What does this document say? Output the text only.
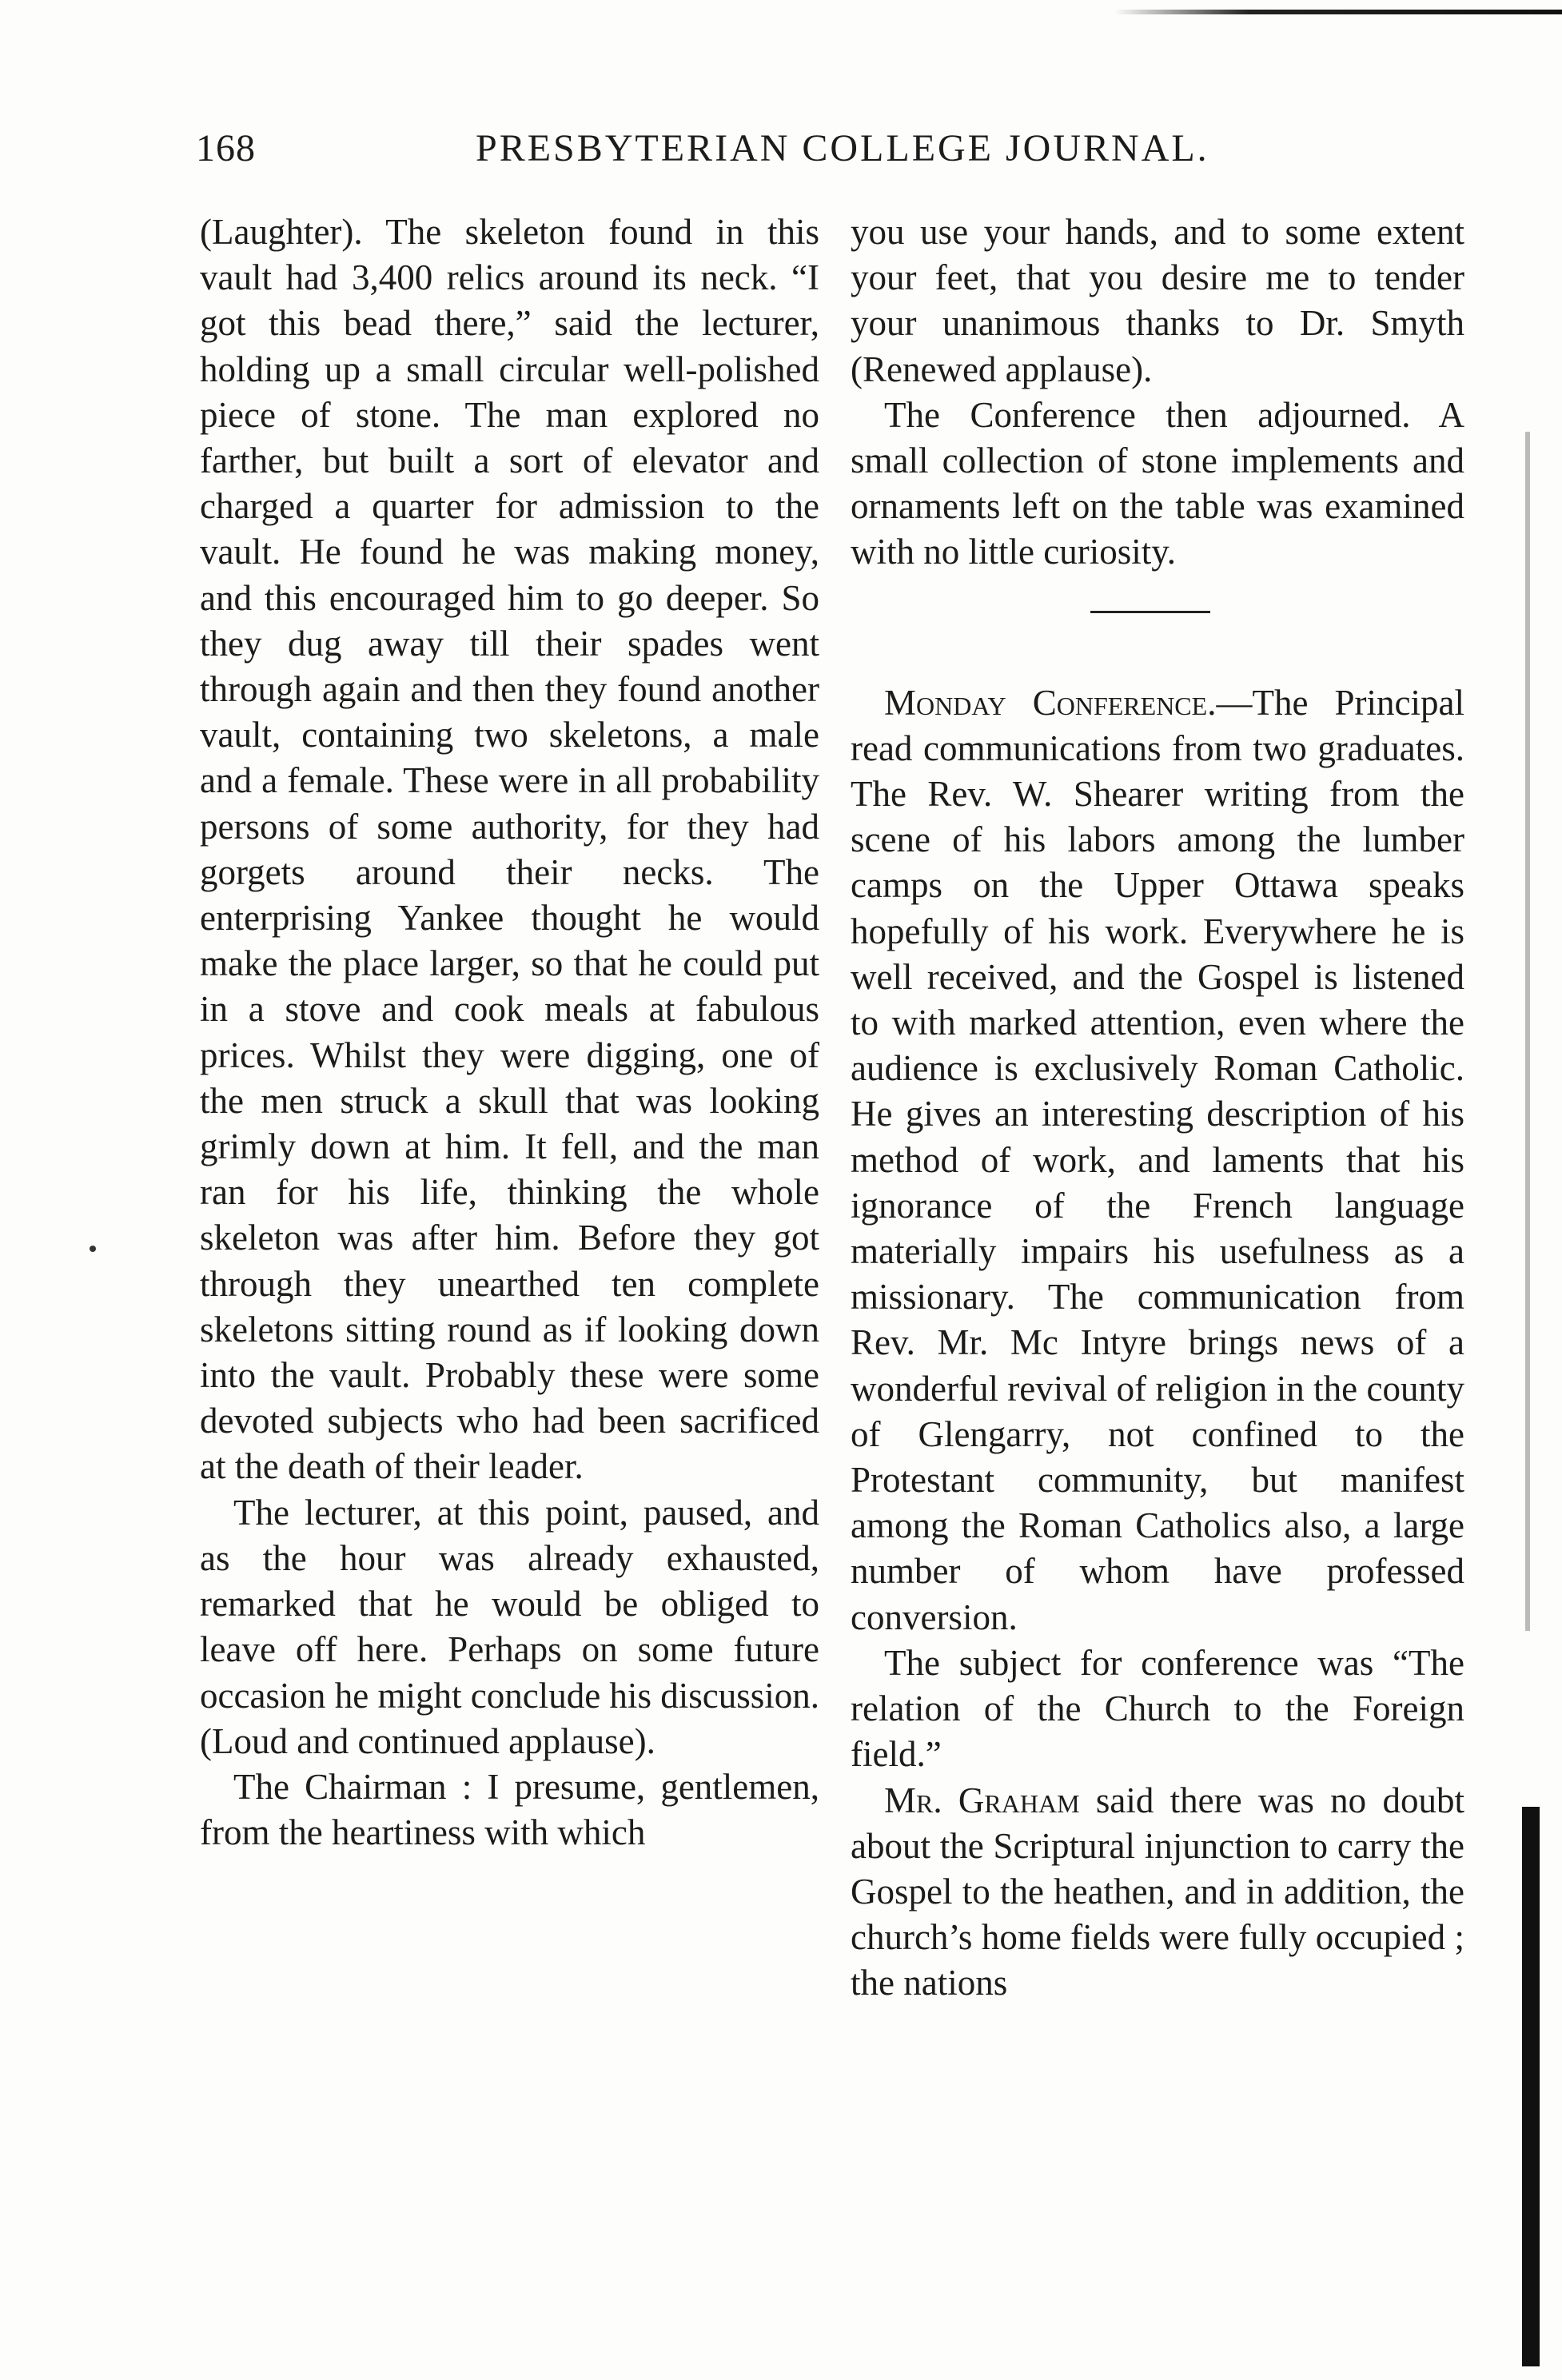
168	PRESBYTERIAN COLLEGE JOURNAL.

(Laughter). The skeleton found in this vault had 3,400 relics around its neck. “I got this bead there,” said the lecturer, holding up a small circular well-polished piece of stone. The man explored no farther, but built a sort of elevator and charged a quarter for admission to the vault. He found he was making money, and this encouraged him to go deeper. So they dug away till their spades went through again and then they found another vault, containing two skeletons, a male and a female. These were in all probability persons of some authority, for they had gorgets around their necks. The enterprising Yankee thought he would make the place larger, so that he could put in a stove and cook meals at fabulous prices. Whilst they were digging, one of the men struck a skull that was looking grimly down at him. It fell, and the man ran for his life, thinking the whole skeleton was after him. Before they got through they unearthed ten complete skeletons sitting round as if looking down into the vault. Probably these were some devoted subjects who had been sacrificed at the death of their leader.

The lecturer, at this point, paused, and as the hour was already exhausted, remarked that he would be obliged to leave off here. Perhaps on some future occasion he might conclude his discussion. (Loud and continued applause).

The Chairman : I presume, gentlemen, from the heartiness with which

you use your hands, and to some extent your feet, that you desire me to tender your unanimous thanks to Dr. Smyth (Renewed applause).

The Conference then adjourned. A small collection of stone implements and ornaments left on the table was examined with no little curiosity.

Monday Conference.—The Principal read communications from two graduates. The Rev. W. Shearer writing from the scene of his labors among the lumber camps on the Upper Ottawa speaks hopefully of his work. Everywhere he is well received, and the Gospel is listened to with marked attention, even where the audience is exclusively Roman Catholic. He gives an interesting description of his method of work, and laments that his ignorance of the French language materially impairs his usefulness as a missionary. The communication from Rev. Mr. Mc Intyre brings news of a wonderful revival of religion in the county of Glengarry, not confined to the Protestant community, but manifest among the Roman Catholics also, a large number of whom have professed conversion.

The subject for conference was “The relation of the Church to the Foreign field.”

Mr. Graham said there was no doubt about the Scriptural injunction to carry the Gospel to the heathen, and in addition, the church’s home fields were fully occupied ; the nations
